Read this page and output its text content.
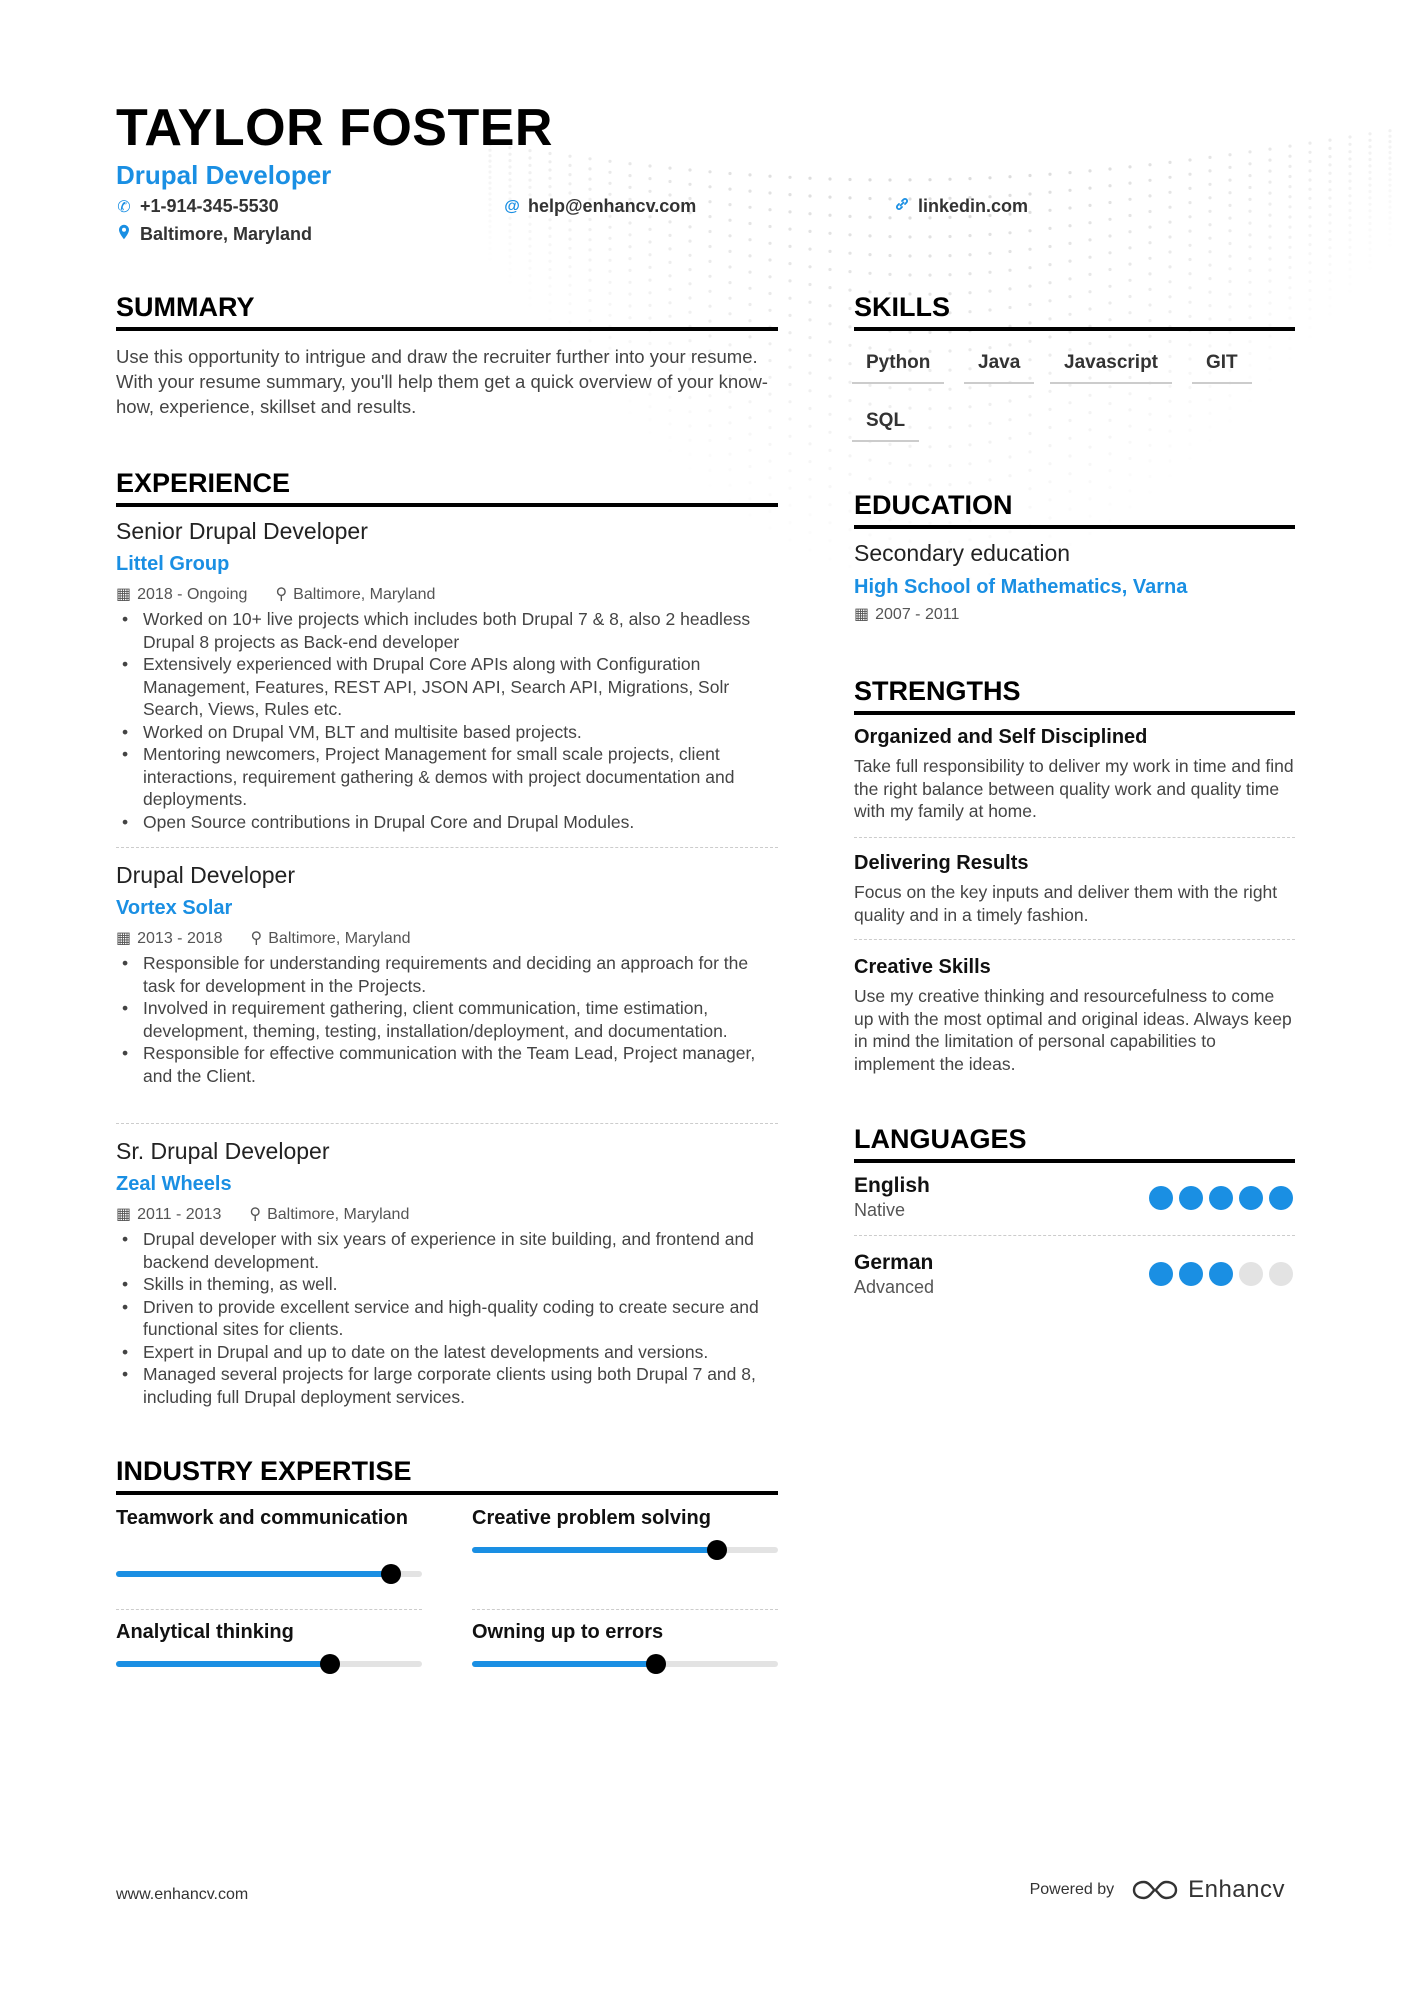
TAYLOR FOSTER
Drupal Developer
✆ +1-914-345-5530	@ help@enhancv.com	linkedin.com
Baltimore, Maryland
SUMMARY
Use this opportunity to intrigue and draw the recruiter further into your resume. With your resume summary, you'll help them get a quick overview of your know-how, experience, skillset and results.
EXPERIENCE
Senior Drupal Developer
Littel Group
▦ 2018 - Ongoing ⚲ Baltimore, Maryland
• Worked on 10+ live projects which includes both Drupal 7 & 8, also 2 headless Drupal 8 projects as Back-end developer
• Extensively experienced with Drupal Core APIs along with Configuration Management, Features, REST API, JSON API, Search API, Migrations, Solr Search, Views, Rules etc.
• Worked on Drupal VM, BLT and multisite based projects.
• Mentoring newcomers, Project Management for small scale projects, client interactions, requirement gathering & demos with project documentation and deployments.
• Open Source contributions in Drupal Core and Drupal Modules.
Drupal Developer
Vortex Solar
▦ 2013 - 2018 ⚲ Baltimore, Maryland
• Responsible for understanding requirements and deciding an approach for the task for development in the Projects.
• Involved in requirement gathering, client communication, time estimation, development, theming, testing, installation/deployment, and documentation.
• Responsible for effective communication with the Team Lead, Project manager, and the Client.
Sr. Drupal Developer
Zeal Wheels
▦ 2011 - 2013 ⚲ Baltimore, Maryland
• Drupal developer with six years of experience in site building, and frontend and backend development.
• Skills in theming, as well.
• Driven to provide excellent service and high-quality coding to create secure and functional sites for clients.
• Expert in Drupal and up to date on the latest developments and versions.
• Managed several projects for large corporate clients using both Drupal 7 and 8, including full Drupal deployment services.
INDUSTRY EXPERTISE
Teamwork and communication	Creative problem solving
Analytical thinking	Owning up to errors
SKILLS
Python	Java	Javascript	GIT
SQL
EDUCATION
Secondary education
High School of Mathematics, Varna
▦ 2007 - 2011
STRENGTHS
Organized and Self Disciplined
Take full responsibility to deliver my work in time and find the right balance between quality work and quality time with my family at home.
Delivering Results
Focus on the key inputs and deliver them with the right quality and in a timely fashion.
Creative Skills
Use my creative thinking and resourcefulness to come up with the most optimal and original ideas. Always keep in mind the limitation of personal capabilities to implement the ideas.
LANGUAGES
English
Native
German
Advanced
www.enhancv.com	Powered by	Enhancv
